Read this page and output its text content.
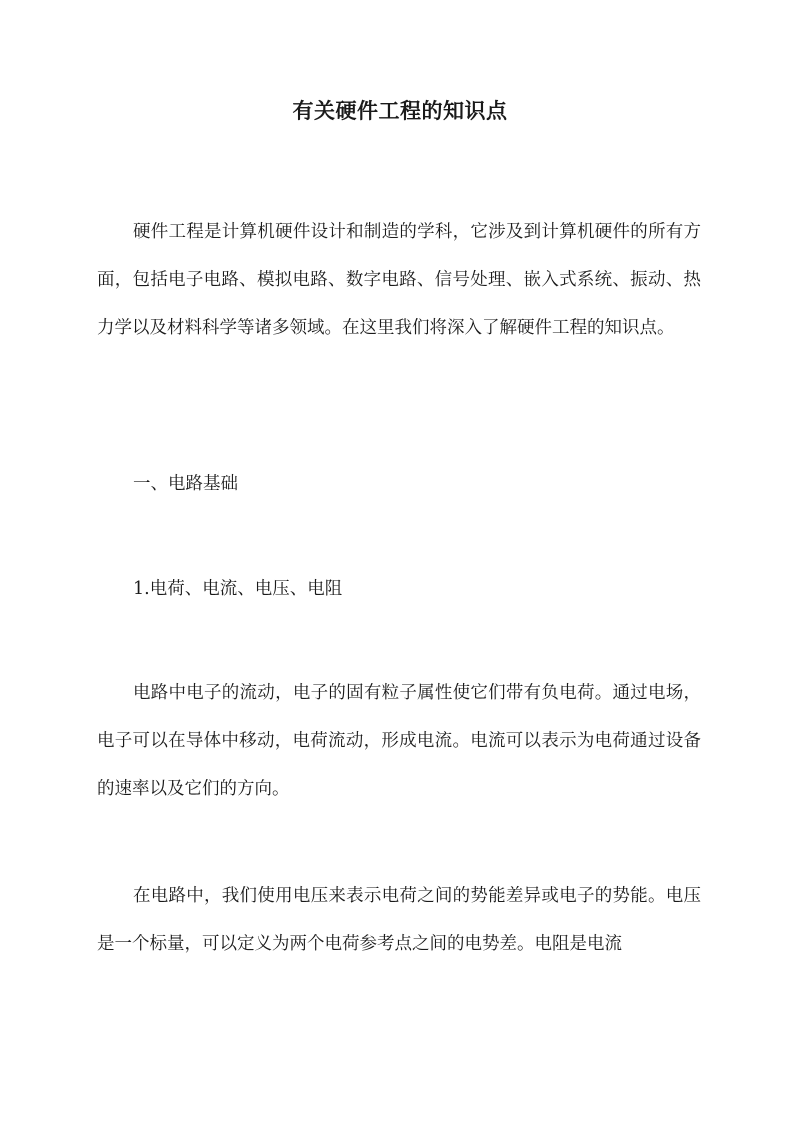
有关硬件工程的知识点

硬件工程是计算机硬件设计和制造的学科，它涉及到计算机硬件的所有方面，包括电子电路、模拟电路、数字电路、信号处理、嵌入式系统、振动、热力学以及材料科学等诸多领域。在这里我们将深入了解硬件工程的知识点。

一、电路基础

1.电荷、电流、电压、电阻

电路中电子的流动，电子的固有粒子属性使它们带有负电荷。通过电场，电子可以在导体中移动，电荷流动，形成电流。电流可以表示为电荷通过设备的速率以及它们的方向。

在电路中，我们使用电压来表示电荷之间的势能差异或电子的势能。电压是一个标量，可以定义为两个电荷参考点之间的电势差。电阻是电流
